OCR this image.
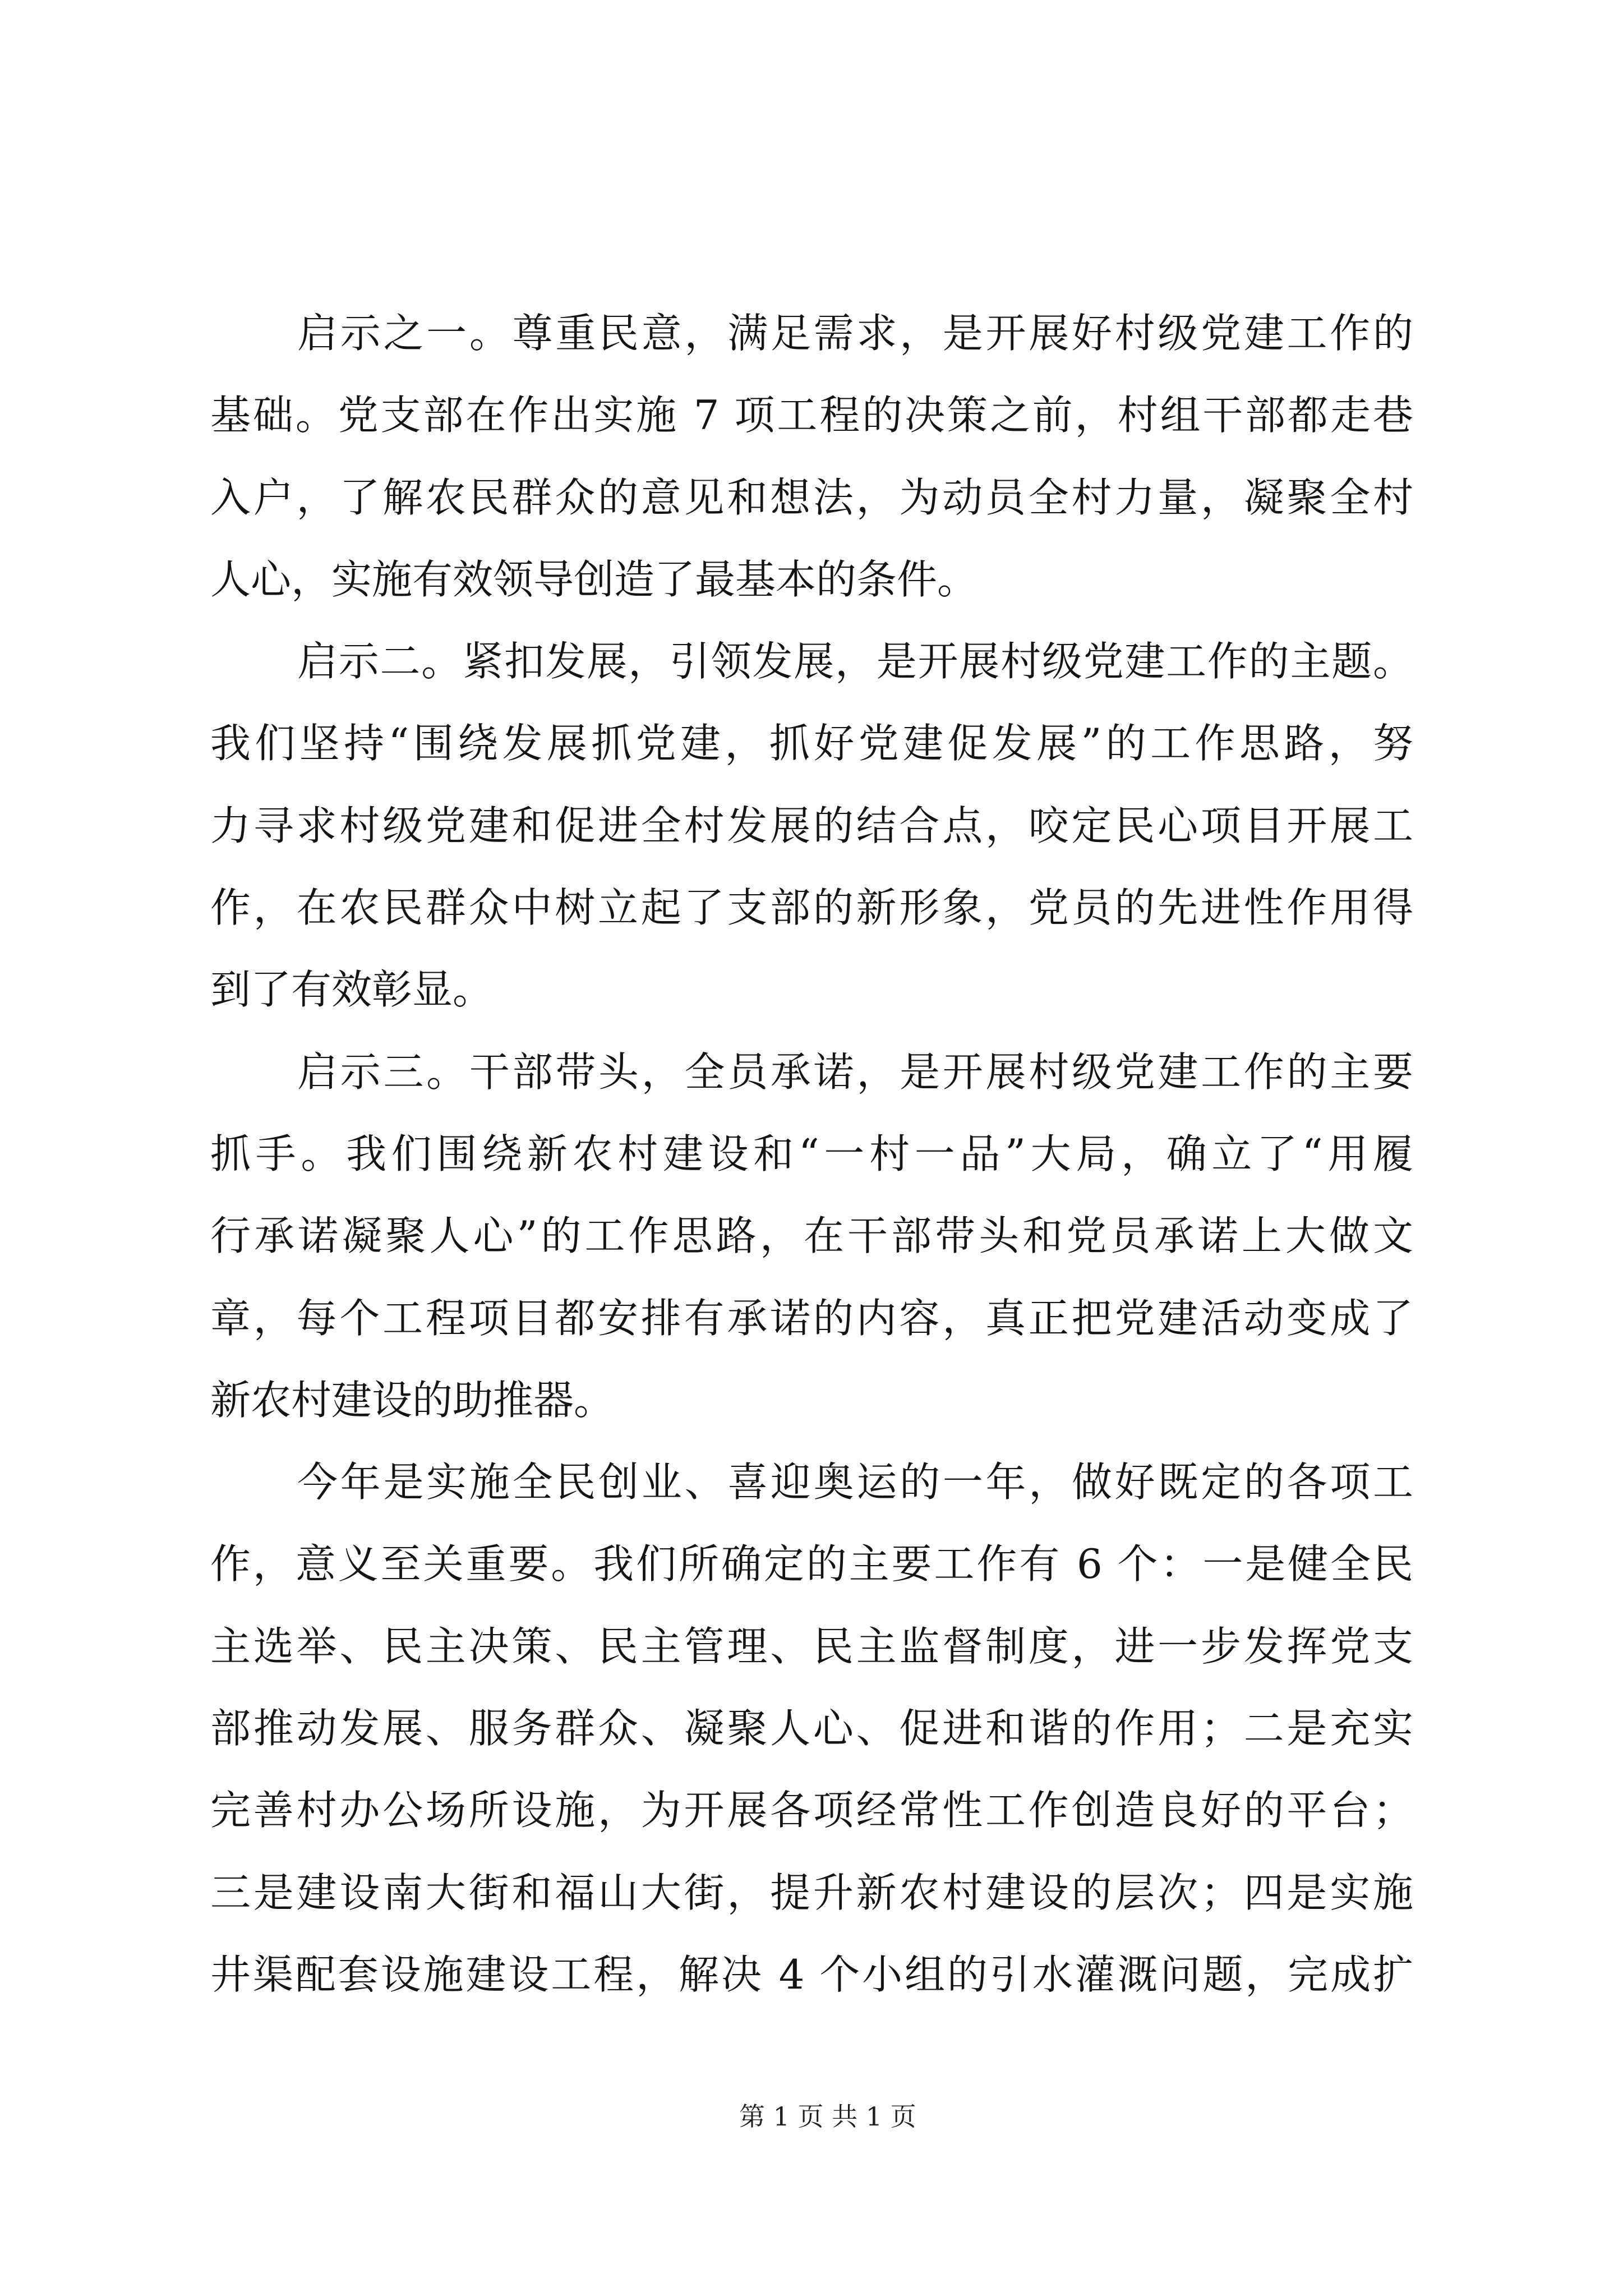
启示之一。尊重民意，满足需求，是开展好村级党建工作的
基础。党支部在作出实施 7 项工程的决策之前，村组干部都走巷
入户，了解农民群众的意见和想法，为动员全村力量，凝聚全村
人心，实施有效领导创造了最基本的条件。
启示二。紧扣发展，引领发展，是开展村级党建工作的主题。
我们坚持“围绕发展抓党建，抓好党建促发展”的工作思路，努
力寻求村级党建和促进全村发展的结合点，咬定民心项目开展工
作，在农民群众中树立起了支部的新形象，党员的先进性作用得
到了有效彰显。
启示三。干部带头，全员承诺，是开展村级党建工作的主要
抓手。我们围绕新农村建设和“一村一品”大局，确立了“用履
行承诺凝聚人心”的工作思路，在干部带头和党员承诺上大做文
章，每个工程项目都安排有承诺的内容，真正把党建活动变成了
新农村建设的助推器。
今年是实施全民创业、喜迎奥运的一年，做好既定的各项工
作，意义至关重要。我们所确定的主要工作有 6 个：一是健全民
主选举、民主决策、民主管理、民主监督制度，进一步发挥党支
部推动发展、服务群众、凝聚人心、促进和谐的作用；二是充实
完善村办公场所设施，为开展各项经常性工作创造良好的平台；
三是建设南大街和福山大街，提升新农村建设的层次；四是实施
井渠配套设施建设工程，解决 4 个小组的引水灌溉问题，完成扩
第 1 页 共 1 页
